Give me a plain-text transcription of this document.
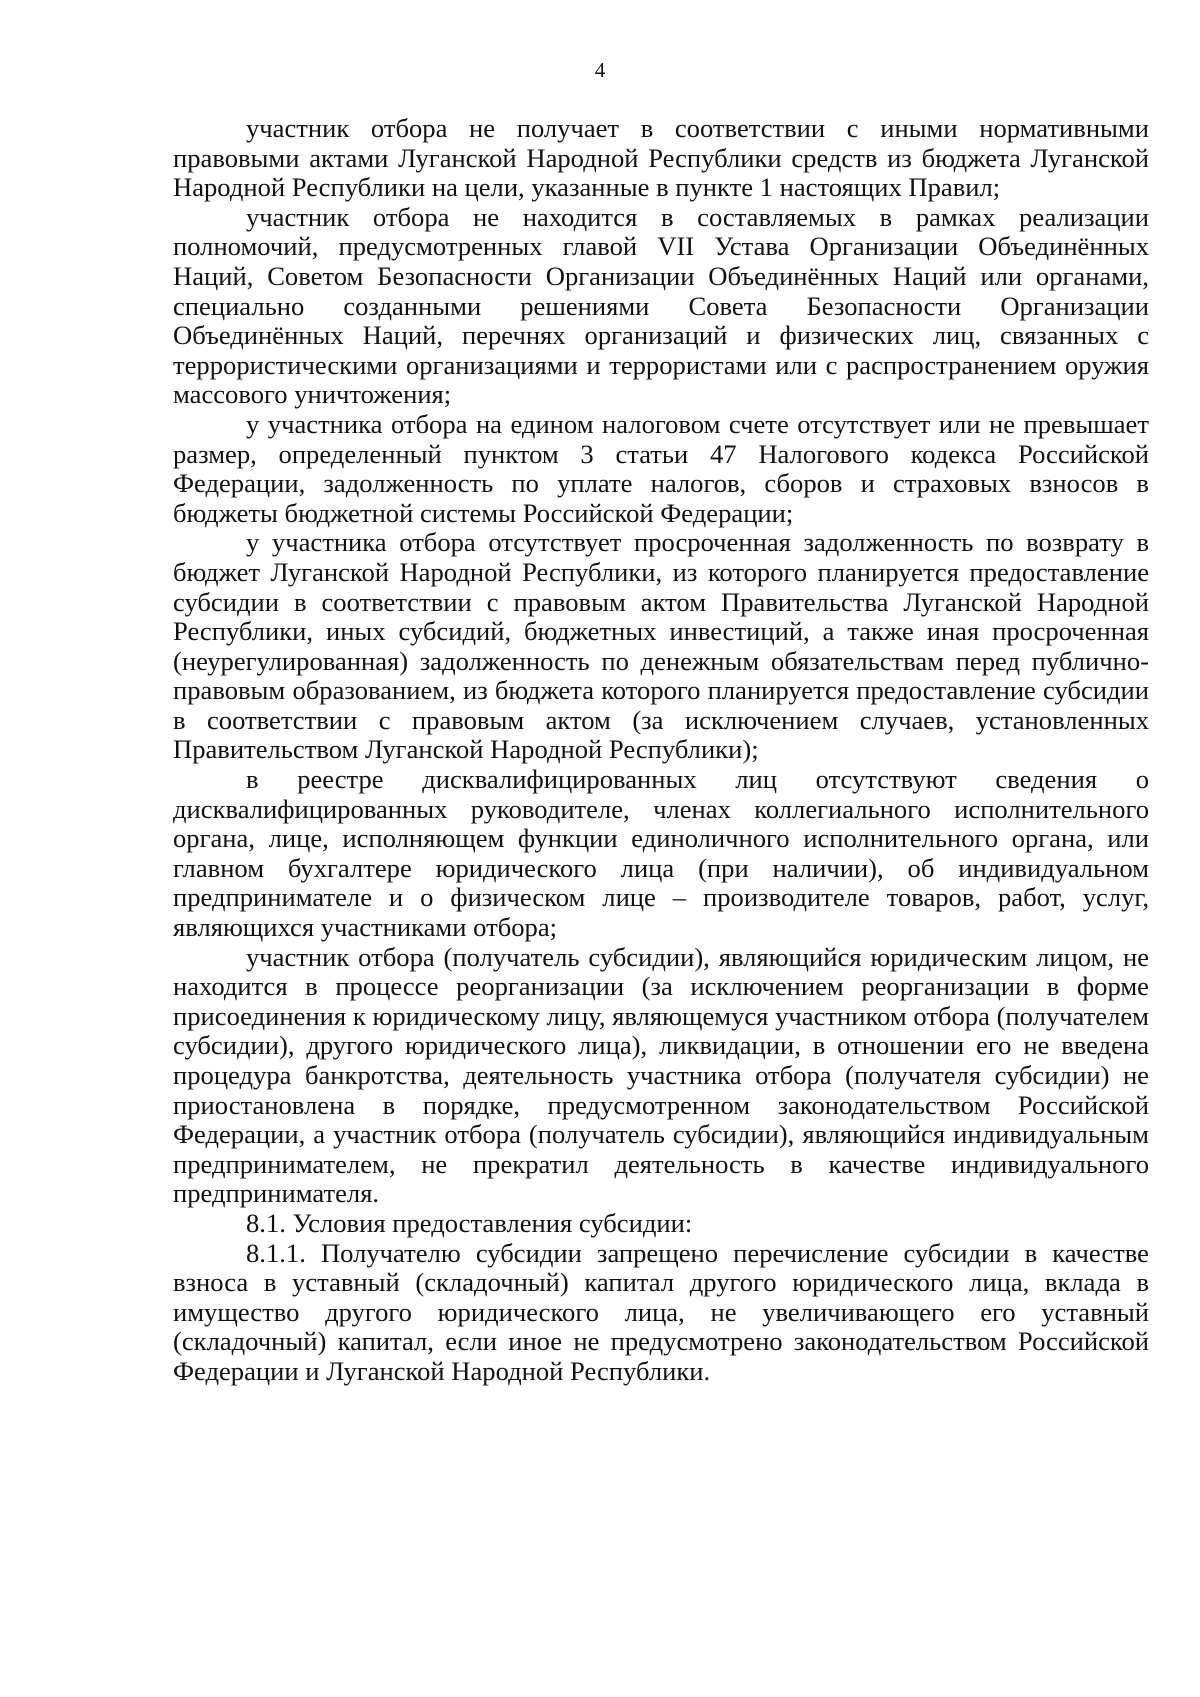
4

участник отбора не получает в соответствии с иными нормативными правовыми актами Луганской Народной Республики средств из бюджета Луганской Народной Республики на цели, указанные в пункте 1 настоящих Правил;

участник отбора не находится в составляемых в рамках реализации полномочий, предусмотренных главой VII Устава Организации Объединённых Наций, Советом Безопасности Организации Объединённых Наций или органами, специально созданными решениями Совета Безопасности Организации Объединённых Наций, перечнях организаций и физических лиц, связанных с террористическими организациями и террористами или с распространением оружия массового уничтожения;

у участника отбора на едином налоговом счете отсутствует или не превышает размер, определенный пунктом 3 статьи 47 Налогового кодекса Российской Федерации, задолженность по уплате налогов, сборов и страховых взносов в бюджеты бюджетной системы Российской Федерации;

у участника отбора отсутствует просроченная задолженность по возврату в бюджет Луганской Народной Республики, из которого планируется предоставление субсидии в соответствии с правовым актом Правительства Луганской Народной Республики, иных субсидий, бюджетных инвестиций, а также иная просроченная (неурегулированная) задолженность по денежным обязательствам перед публично-правовым образованием, из бюджета которого планируется предоставление субсидии в соответствии с правовым актом (за исключением случаев, установленных Правительством Луганской Народной Республики);

в реестре дисквалифицированных лиц отсутствуют сведения о дисквалифицированных руководителе, членах коллегиального исполнительного органа, лице, исполняющем функции единоличного исполнительного органа, или главном бухгалтере юридического лица (при наличии), об индивидуальном предпринимателе и о физическом лице – производителе товаров, работ, услуг, являющихся участниками отбора;

участник отбора (получатель субсидии), являющийся юридическим лицом, не находится в процессе реорганизации (за исключением реорганизации в форме присоединения к юридическому лицу, являющемуся участником отбора (получателем субсидии), другого юридического лица), ликвидации, в отношении его не введена процедура банкротства, деятельность участника отбора (получателя субсидии) не приостановлена в порядке, предусмотренном законодательством Российской Федерации, а участник отбора (получатель субсидии), являющийся индивидуальным предпринимателем, не прекратил деятельность в качестве индивидуального предпринимателя.

8.1. Условия предоставления субсидии:

8.1.1. Получателю субсидии запрещено перечисление субсидии в качестве взноса в уставный (складочный) капитал другого юридического лица, вклада в имущество другого юридического лица, не увеличивающего его уставный (складочный) капитал, если иное не предусмотрено законодательством Российской Федерации и Луганской Народной Республики.
